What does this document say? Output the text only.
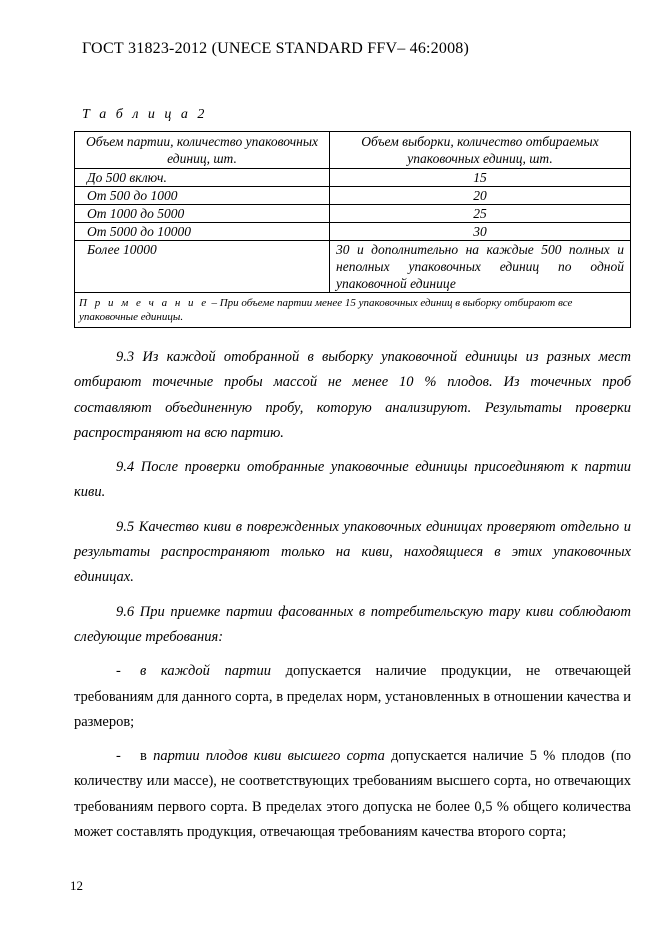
ГОСТ 31823-2012 (UNECE STANDARD FFV– 46:2008)
Т а б л и ц а 2
Объем партии, количество упаковочных единиц, шт.	Объем выборки, количество отбираемых упаковочных единиц, шт.
До 500 включ.	15
От 500 до 1000	20
От 1000 до 5000	25
От 5000 до 10000	30
Более 10000	30 и дополнительно на каждые 500 полных и неполных упаковочных единиц по одной упаковочной единице
П р и м е ч а н и е – При объеме партии менее 15 упаковочных единиц в выборку отбирают все упаковочные единицы.	

9.3 Из каждой отобранной в выборку упаковочной единицы из разных мест отбирают точечные пробы массой не менее 10 % плодов. Из точечных проб составляют объединенную пробу, которую анализируют. Результаты проверки распространяют на всю партию.

9.4 После проверки отобранные упаковочные единицы присоединяют к партии киви.

9.5 Качество киви в поврежденных упаковочных единицах проверяют отдельно и результаты распространяют только на киви, находящиеся в этих упаковочных единицах.

9.6 При приемке партии фасованных в потребительскую тару киви соблюдают следующие требования:

- в каждой партии допускается наличие продукции, не отвечающей требованиям для данного сорта, в пределах норм, установленных в отношении качества и размеров;

- в партии плодов киви высшего сорта допускается наличие 5 % плодов (по количеству или массе), не соответствующих требованиям высшего сорта, но отвечающих требованиям первого сорта. В пределах этого допуска не более 0,5 % общего количества может составлять продукция, отвечающая требованиям качества второго сорта;

12
